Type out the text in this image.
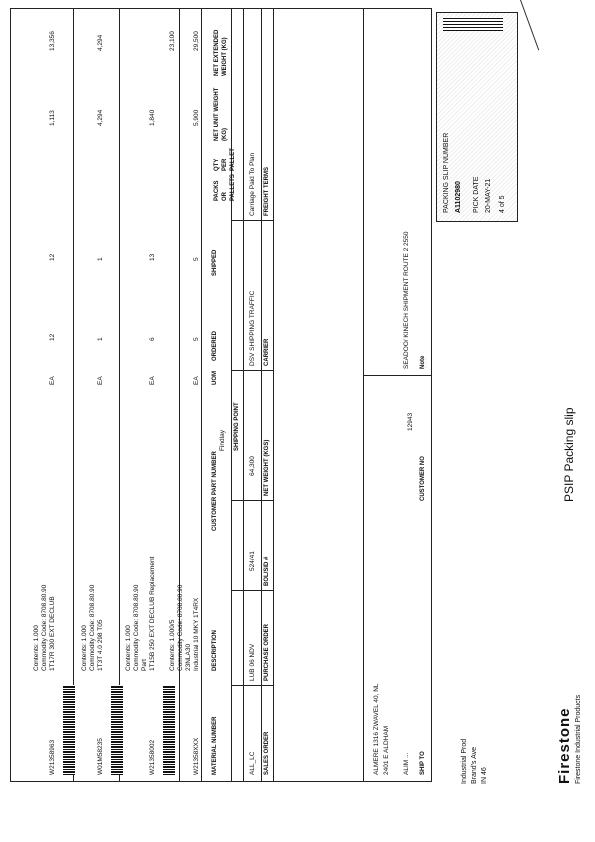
Firestone Firestone Industrial Products
Industrial Prod Brand's Ave IN 46
PSIP Packing slip
PACKING SLIP NUMBER A1102980 PICK DATE 20-MAY-21 4 of 5
SHIP TO
ALIM ...
2401 E ALDHAM
ALMERE 1316 ZWAVEL 40, NL
CUSTOMER NO
12943
Note
SEADOO/ KINECH SHIPMENT ROUTE 2 2550
SALES ORDER
ALL_LC
PURCHASE ORDER
LUB 06 NDV
BOL/SID #
524/41
NET WEIGHT (KGS)
64,300
SHIPPING POINT
Findlay
CARRIER
DSV SHIPPING TRAFFIC
FREIGHT TERMS
Carriage Paid To Plan
MATERIAL NUMBER
DESCRIPTION
CUSTOMER PART NUMBER
UOM
ORDERED
SHIPPED
PACKS OR PALLETS
QTY PER PALLET
NET UNIT WEIGHT (KG)
NET EXTENDED WEIGHT (KG)
W21358XXX
Industrial 10 MKY 1T4RX
23NLA30
Commodity Code: 8708.80.90
Contents: 1.000/5
EA
5
5
5,900
29,500
W21358002
1T15B 250 EXT DECLUB Replacement
Part
Commodity Code: 8708.80.90
Contents: 1.000
EA
6
13
1,840
23,100
W01M58235
1T3T 4.0 298 T05
Commodity Code: 8708.80.90
Contents: 1.000
EA
1
1
4,294
4,294
W21358963
1T17R 300 EXT DECLUB
Commodity Code: 8708.80.90
Contents: 1.000
EA
12
12
1,113
13,356
